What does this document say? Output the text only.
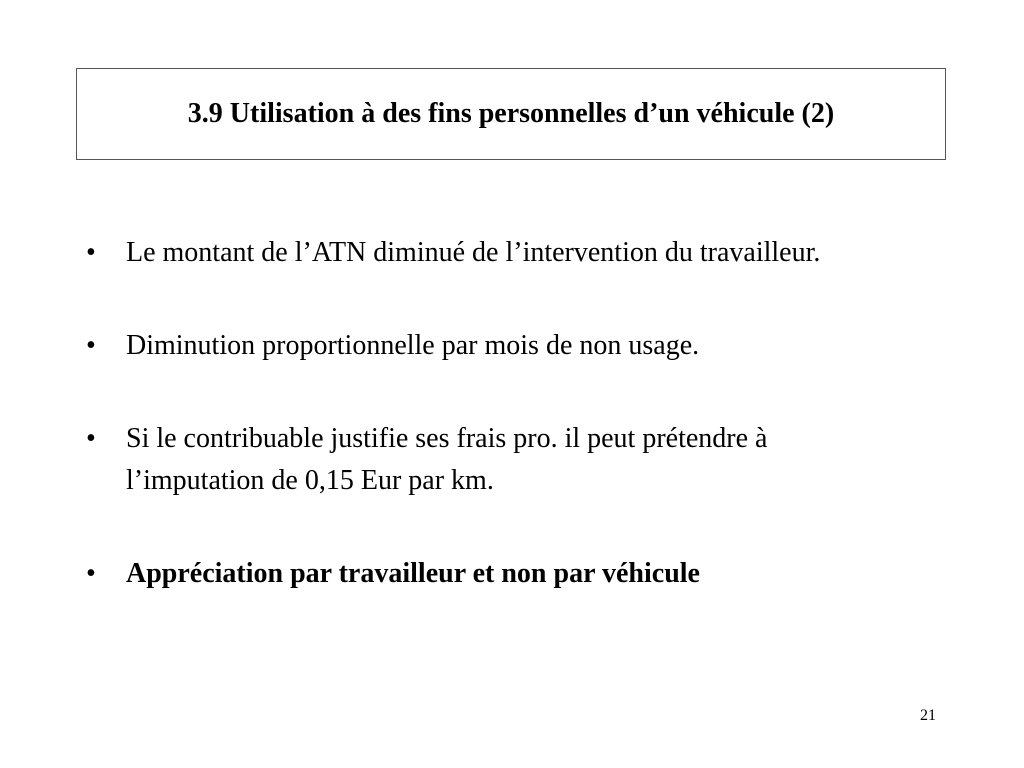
3.9 Utilisation à des fins personnelles d’un véhicule (2)
• Le montant de l’ATN diminué de l’intervention du travailleur.
• Diminution proportionnelle par mois de non usage.
• Si le contribuable justifie ses frais pro. il peut prétendre à l’imputation de 0,15 Eur par km.
• Appréciation par travailleur et non par véhicule
21
